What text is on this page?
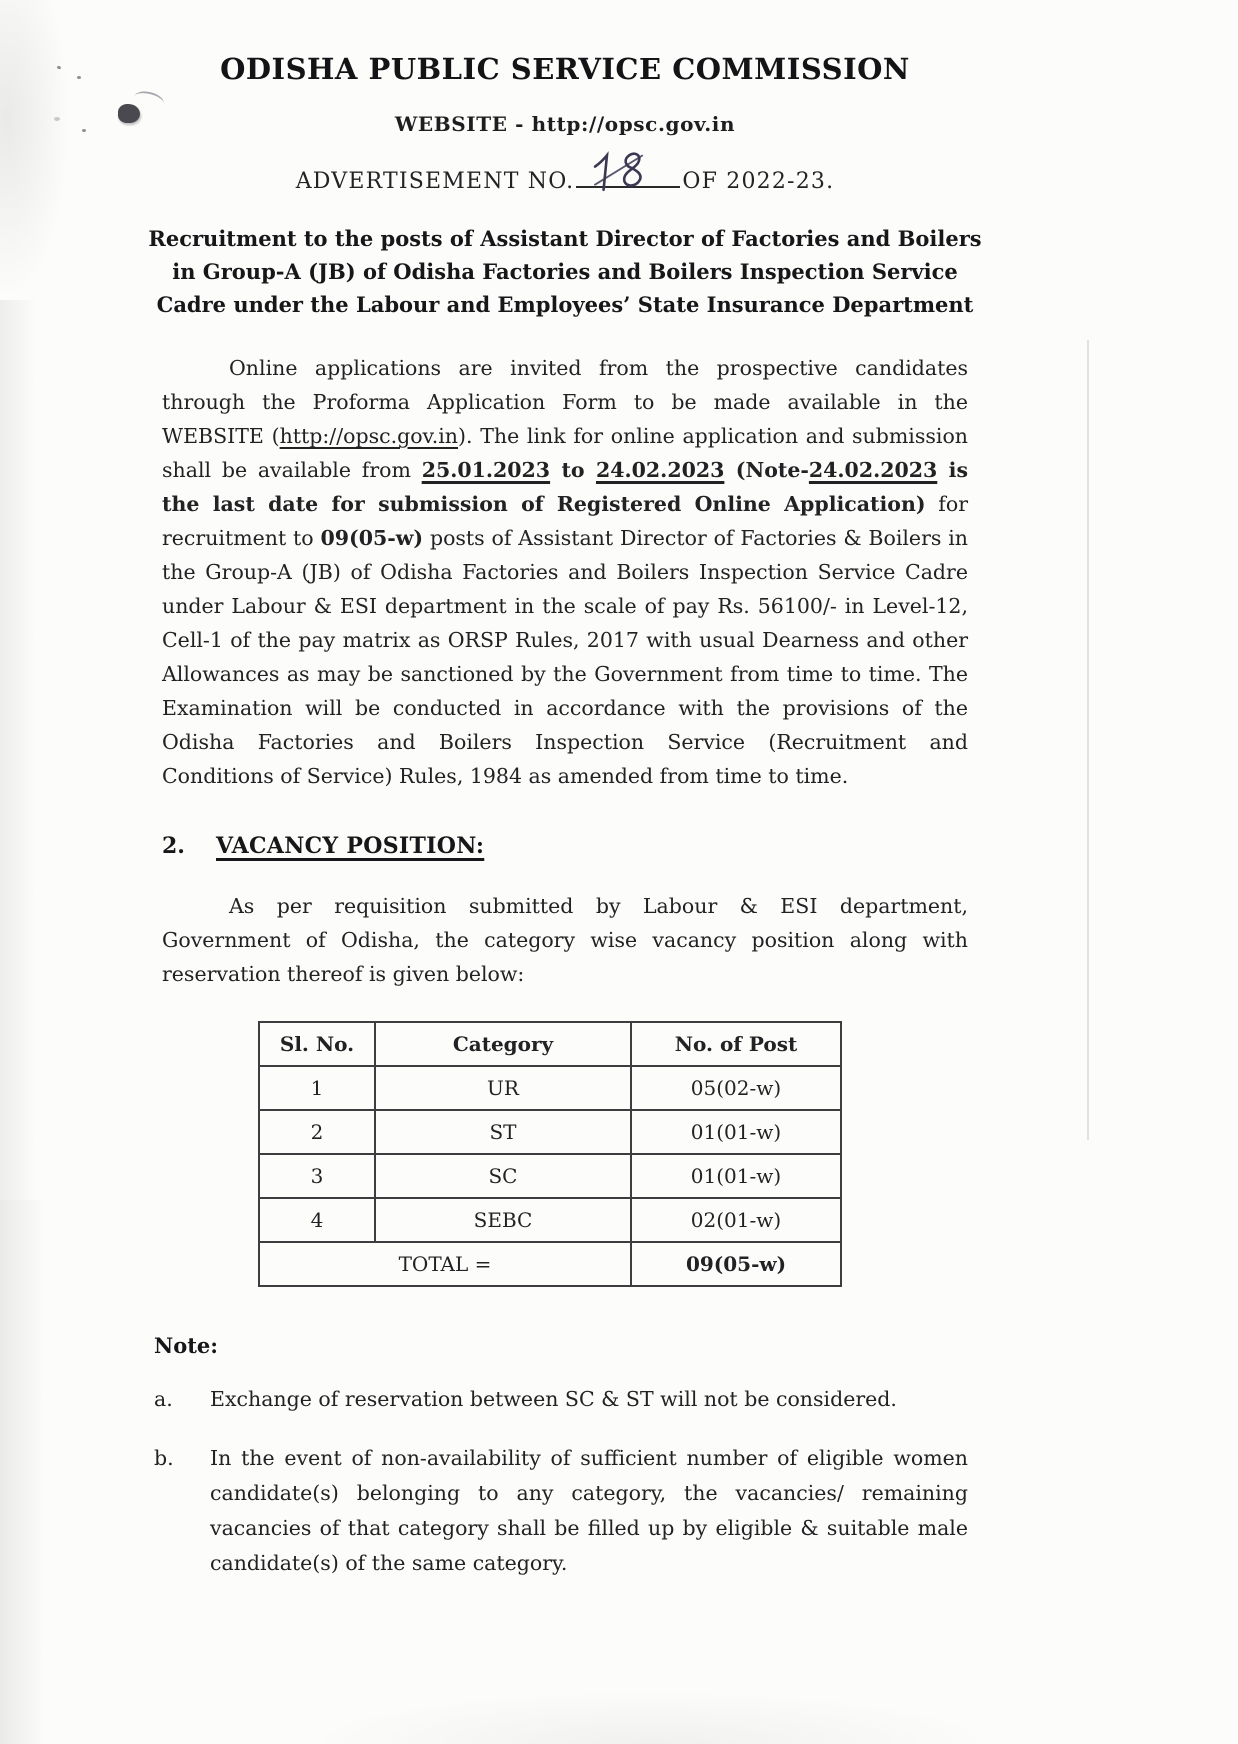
ODISHA PUBLIC SERVICE COMMISSION
WEBSITE - http://opsc.gov.in
ADVERTISEMENT NO.	OF 2022-23.
Recruitment to the posts of Assistant Director of Factories and Boilers in Group-A (JB) of Odisha Factories and Boilers Inspection Service Cadre under the Labour and Employees’ State Insurance Department

Online applications are invited from the prospective candidates through the Proforma Application Form to be made available in the WEBSITE (http://opsc.gov.in). The link for online application and submission shall be available from 25.01.2023 to 24.02.2023 (Note-24.02.2023 is the last date for submission of Registered Online Application) for recruitment to 09(05-w) posts of Assistant Director of Factories & Boilers in the Group-A (JB) of Odisha Factories and Boilers Inspection Service Cadre under Labour & ESI department in the scale of pay Rs. 56100/- in Level-12, Cell-1 of the pay matrix as ORSP Rules, 2017 with usual Dearness and other Allowances as may be sanctioned by the Government from time to time. The Examination will be conducted in accordance with the provisions of the Odisha Factories and Boilers Inspection Service (Recruitment and Conditions of Service) Rules, 1984 as amended from time to time.

2. VACANCY POSITION:

As per requisition submitted by Labour & ESI department, Government of Odisha, the category wise vacancy position along with reservation thereof is given below:

Sl. No.	Category	No. of Post
1	UR	05(02-w)
2	ST	01(01-w)
3	SC	01(01-w)
4	SEBC	02(01-w)
TOTAL =		09(05-w)
Note:
a.	Exchange of reservation between SC & ST will not be considered.
b.	In the event of non-availability of sufficient number of eligible women candidate(s) belonging to any category, the vacancies/ remaining vacancies of that category shall be filled up by eligible & suitable male candidate(s) of the same category.
